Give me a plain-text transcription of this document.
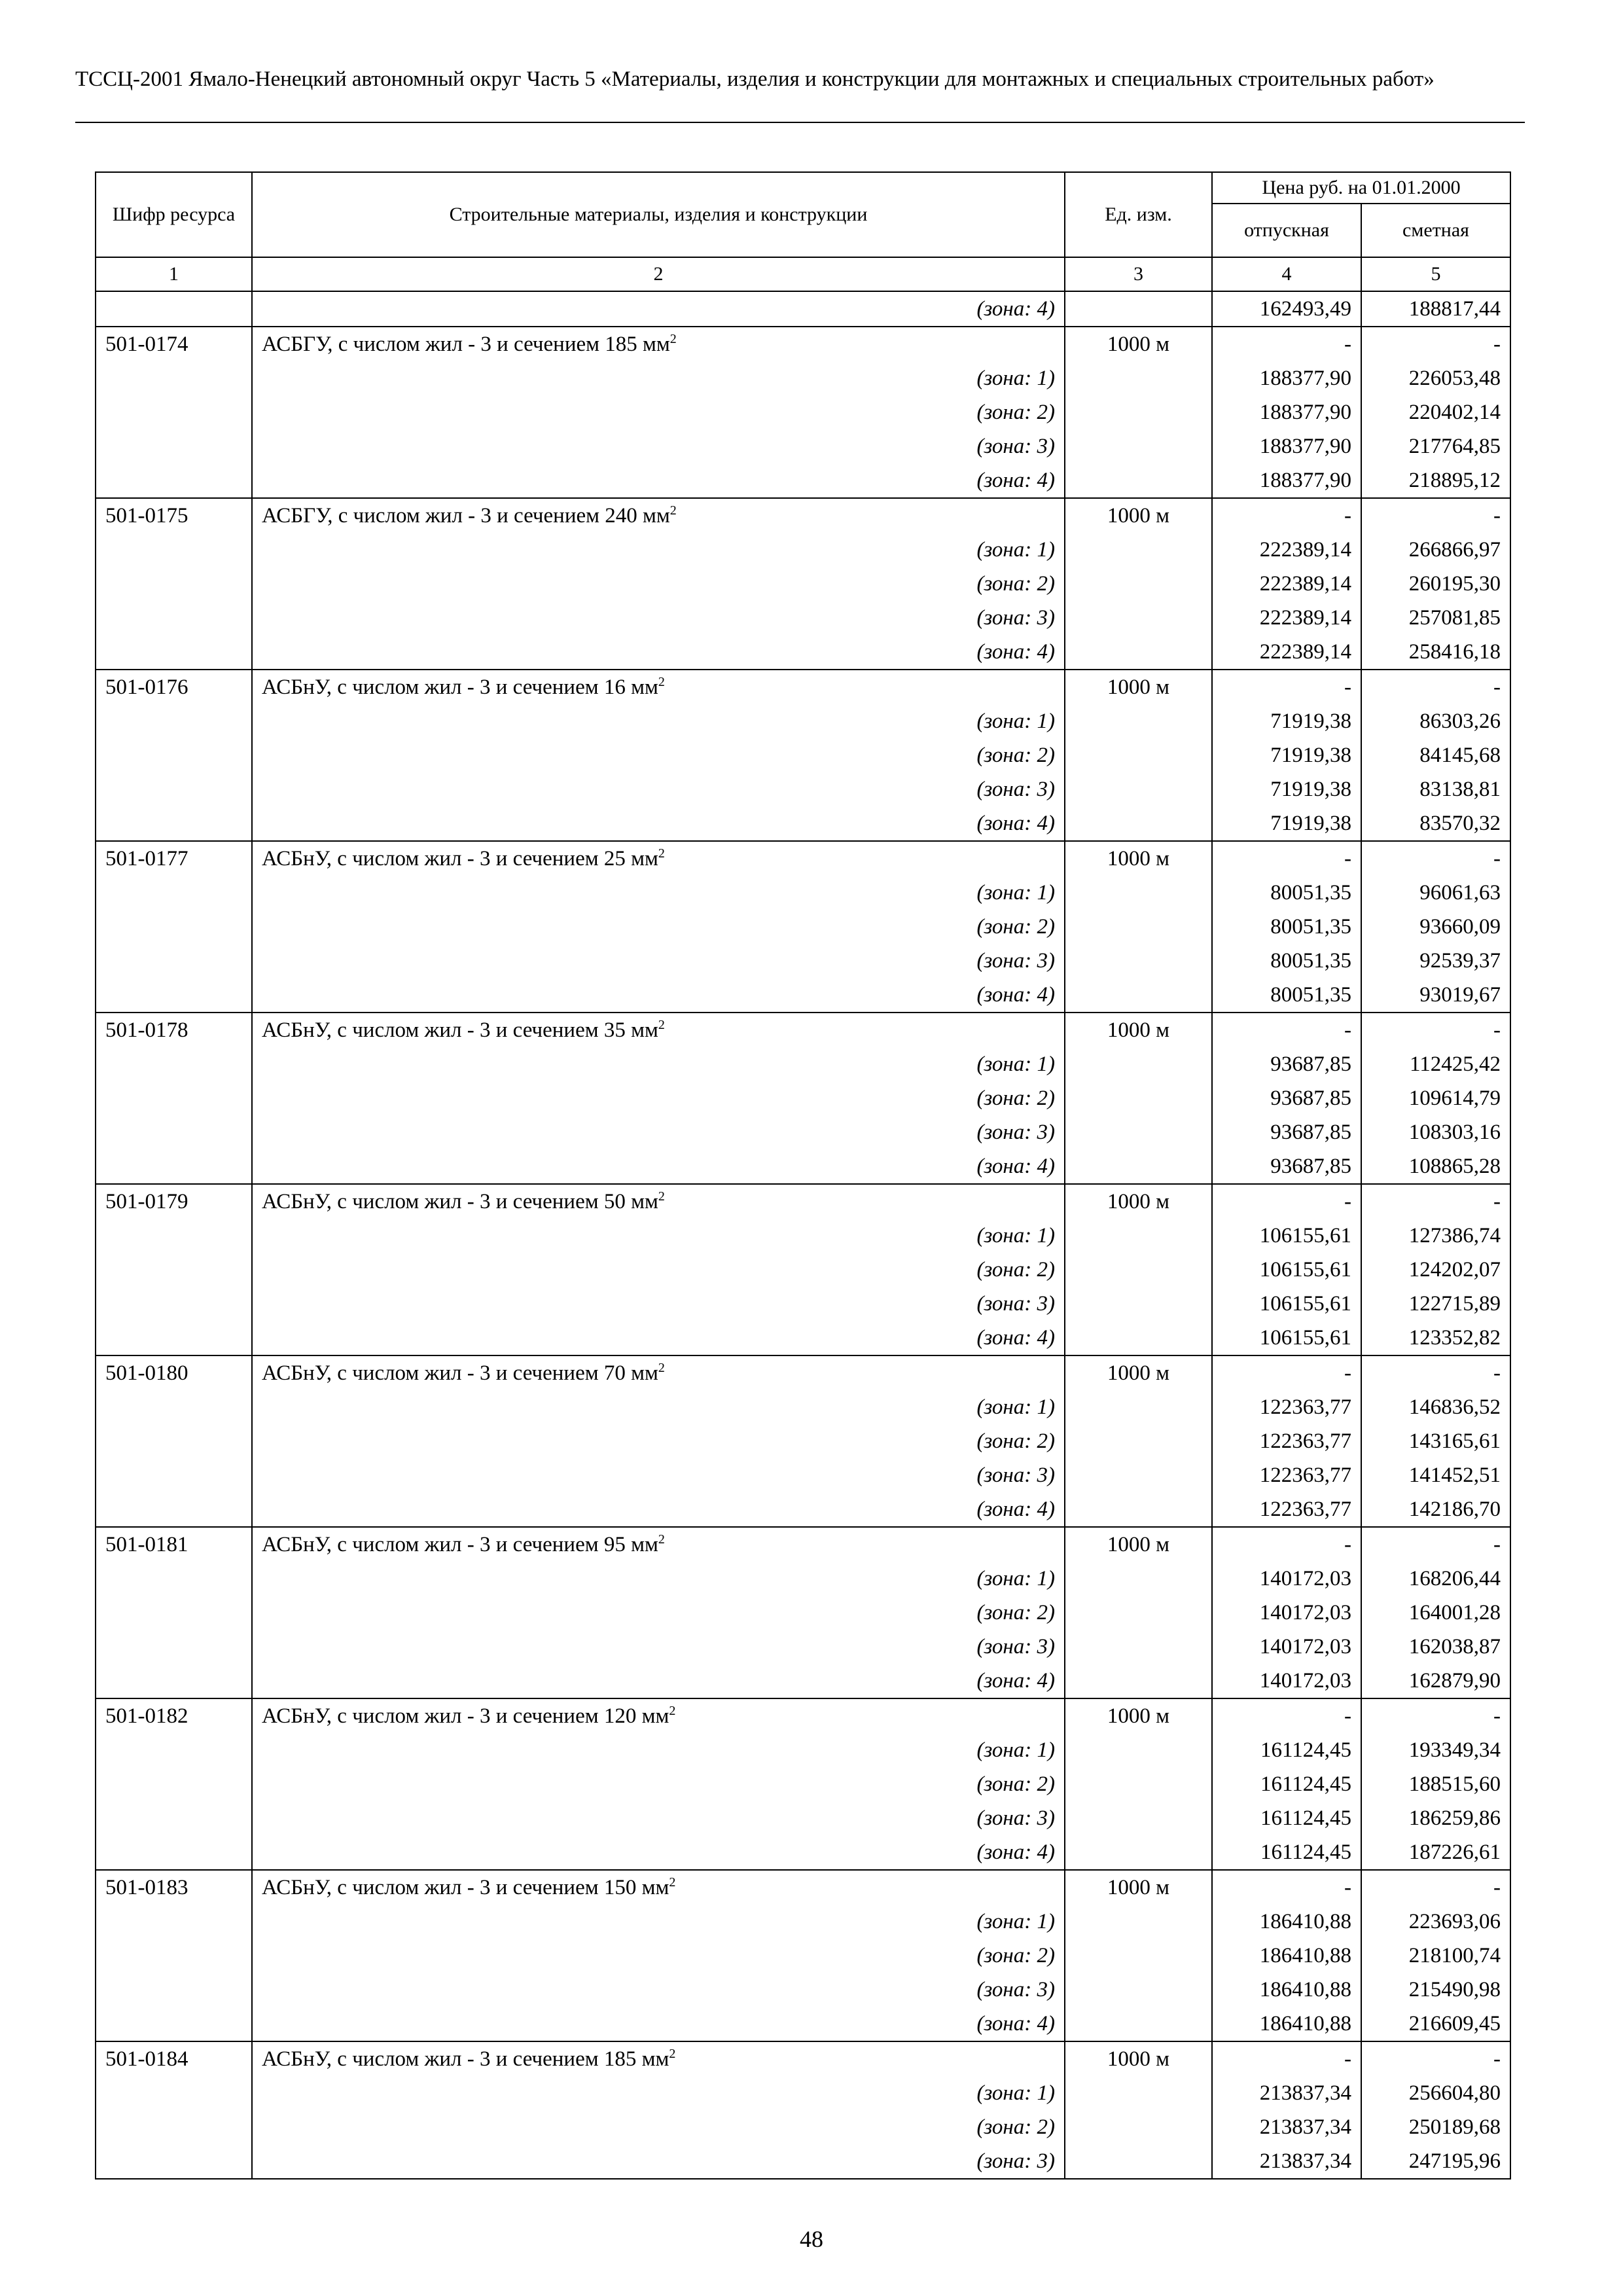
ТССЦ-2001 Ямало-Ненецкий автономный округ Часть 5 «Материалы, изделия и конструкции для монтажных и специальных строительных работ»
Шифр ресурса	Строительные материалы, изделия и конструкции	Ед. изм.	Цена руб. на 01.01.2000	
			отпускная	сметная
1	2	3	4	5
	(зона: 4)		162493,49	188817,44
501-0174	АСБГУ, с числом жил - 3 и сечением 185 $мм^2$	1000 м	-	-
	(зона: 1)		188377,90	226053,48
	(зона: 2)		188377,90	220402,14
	(зона: 3)		188377,90	217764,85
	(зона: 4)		188377,90	218895,12
501-0175	АСБГУ, с числом жил - 3 и сечением 240 $мм^2$	1000 м	-	-
	(зона: 1)		222389,14	266866,97
	(зона: 2)		222389,14	260195,30
	(зона: 3)		222389,14	257081,85
	(зона: 4)		222389,14	258416,18
501-0176	АСБнУ, с числом жил - 3 и сечением 16 $мм^2$	1000 м	-	-
	(зона: 1)		71919,38	86303,26
	(зона: 2)		71919,38	84145,68
	(зона: 3)		71919,38	83138,81
	(зона: 4)		71919,38	83570,32
501-0177	АСБнУ, с числом жил - 3 и сечением 25 $мм^2$	1000 м	-	-
	(зона: 1)		80051,35	96061,63
	(зона: 2)		80051,35	93660,09
	(зона: 3)		80051,35	92539,37
	(зона: 4)		80051,35	93019,67
501-0178	АСБнУ, с числом жил - 3 и сечением 35 $мм^2$	1000 м	-	-
	(зона: 1)		93687,85	112425,42
	(зона: 2)		93687,85	109614,79
	(зона: 3)		93687,85	108303,16
	(зона: 4)		93687,85	108865,28
501-0179	АСБнУ, с числом жил - 3 и сечением 50 $мм^2$	1000 м	-	-
	(зона: 1)		106155,61	127386,74
	(зона: 2)		106155,61	124202,07
	(зона: 3)		106155,61	122715,89
	(зона: 4)		106155,61	123352,82
501-0180	АСБнУ, с числом жил - 3 и сечением 70 $мм^2$	1000 м	-	-
	(зона: 1)		122363,77	146836,52
	(зона: 2)		122363,77	143165,61
	(зона: 3)		122363,77	141452,51
	(зона: 4)		122363,77	142186,70
501-0181	АСБнУ, с числом жил - 3 и сечением 95 $мм^2$	1000 м	-	-
	(зона: 1)		140172,03	168206,44
	(зона: 2)		140172,03	164001,28
	(зона: 3)		140172,03	162038,87
	(зона: 4)		140172,03	162879,90
501-0182	АСБнУ, с числом жил - 3 и сечением 120 $мм^2$	1000 м	-	-
	(зона: 1)		161124,45	193349,34
	(зона: 2)		161124,45	188515,60
	(зона: 3)		161124,45	186259,86
	(зона: 4)		161124,45	187226,61
501-0183	АСБнУ, с числом жил - 3 и сечением 150 $мм^2$	1000 м	-	-
	(зона: 1)		186410,88	223693,06
	(зона: 2)		186410,88	218100,74
	(зона: 3)		186410,88	215490,98
	(зона: 4)		186410,88	216609,45
501-0184	АСБнУ, с числом жил - 3 и сечением 185 $мм^2$	1000 м	-	-
	(зона: 1)		213837,34	256604,80
	(зона: 2)		213837,34	250189,68
	(зона: 3)		213837,34	247195,96
48
